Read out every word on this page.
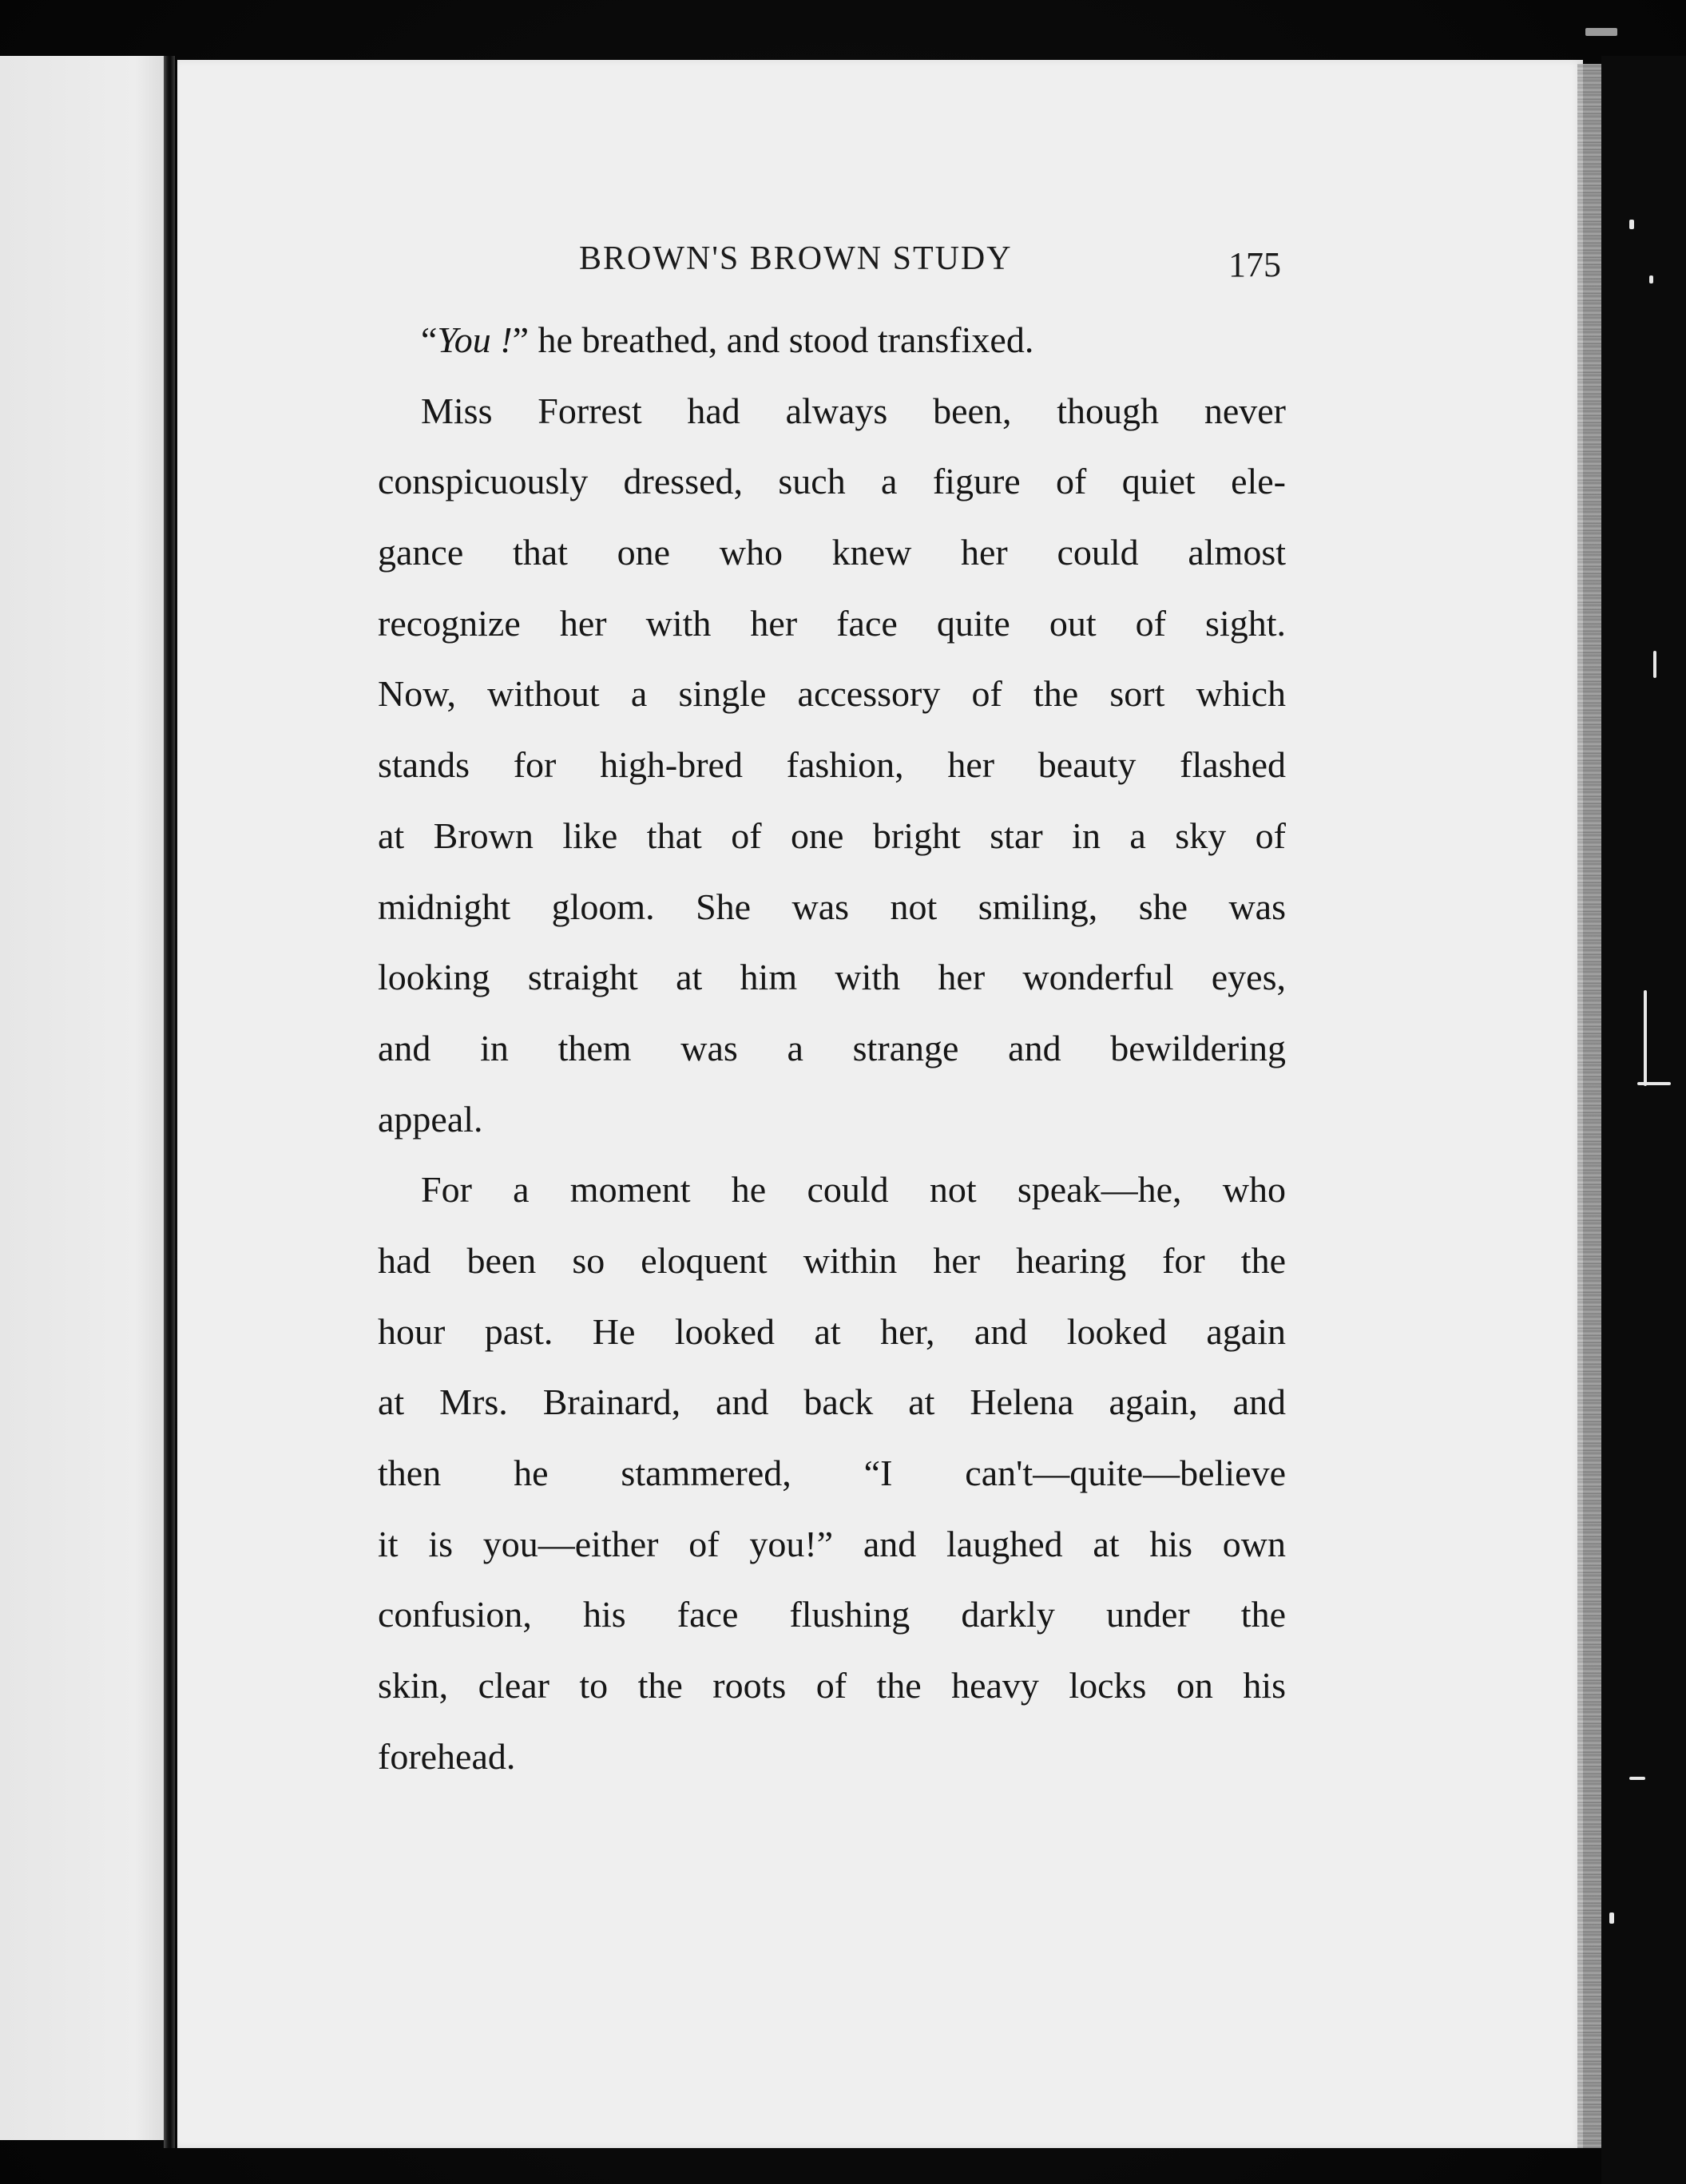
BROWN'S BROWN STUDY	175
“You !” he breathed, and stood transfixed.
Miss Forrest had always been, though never
conspicuously dressed, such a figure of quiet ele-
gance that one who knew her could almost
recognize her with her face quite out of sight.
Now, without a single accessory of the sort which
stands for high-bred fashion, her beauty flashed
at Brown like that of one bright star in a sky of
midnight gloom. She was not smiling, she was
looking straight at him with her wonderful eyes,
and in them was a strange and bewildering
appeal.
For a moment he could not speak—he, who
had been so eloquent within her hearing for the
hour past. He looked at her, and looked again
at Mrs. Brainard, and back at Helena again, and
then he stammered, “I can't—quite—believe
it is you—either of you!” and laughed at his own
confusion, his face flushing darkly under the
skin, clear to the roots of the heavy locks on his
forehead.
